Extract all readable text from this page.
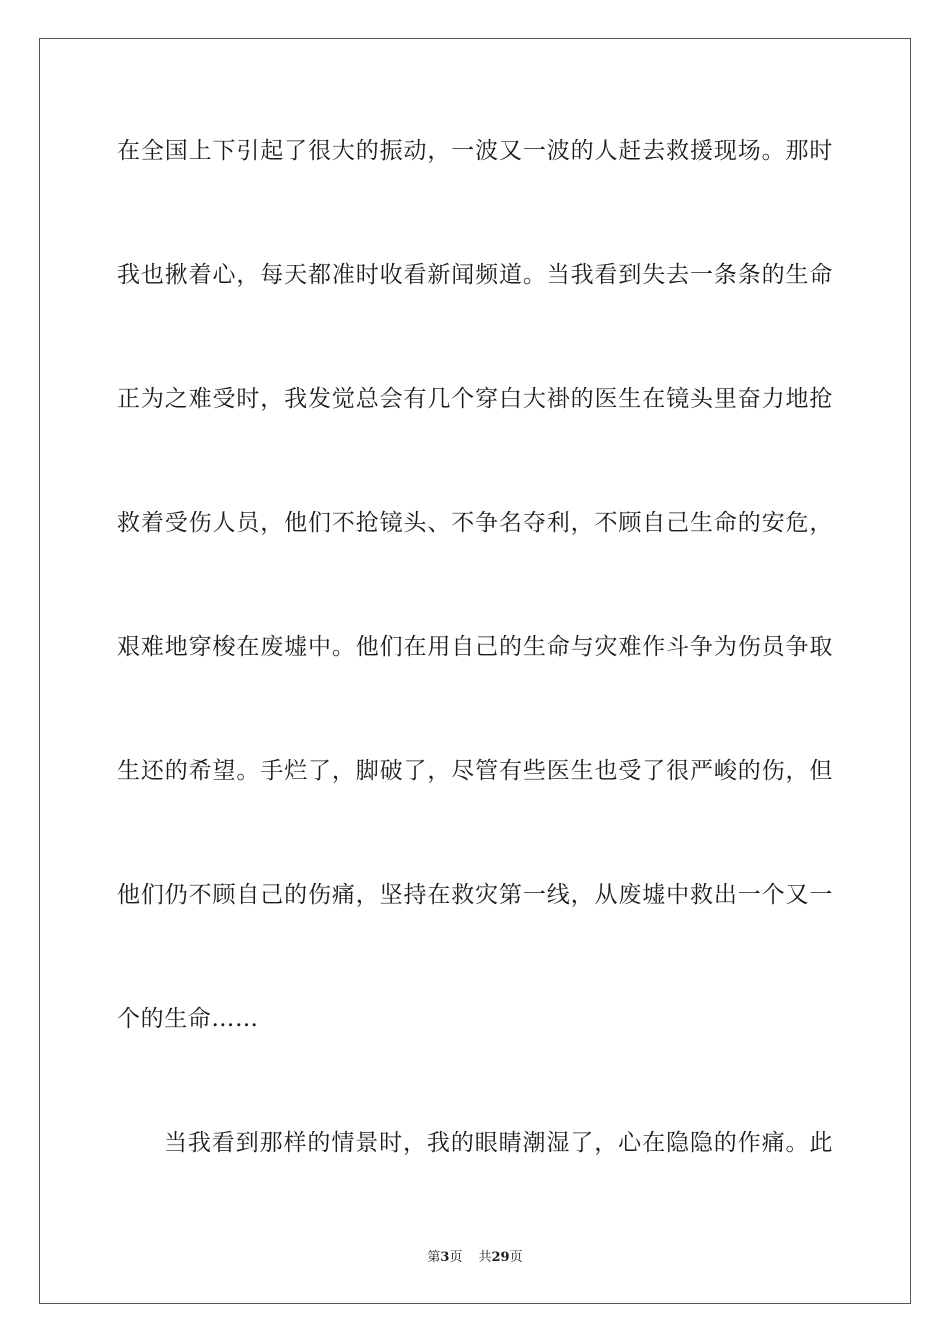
在全国上下引起了很大的振动，一波又一波的人赶去救援现场。那时
我也揪着心，每天都准时收看新闻频道。当我看到失去一条条的生命
正为之难受时，我发觉总会有几个穿白大褂的医生在镜头里奋力地抢
救着受伤人员，他们不抢镜头、不争名夺利，不顾自己生命的安危，
艰难地穿梭在废墟中。他们在用自己的生命与灾难作斗争为伤员争取
生还的希望。手烂了，脚破了，尽管有些医生也受了很严峻的伤，但
他们仍不顾自己的伤痛，坚持在救灾第一线，从废墟中救出一个又一
个的生命……
当我看到那样的情景时，我的眼睛潮湿了，心在隐隐的作痛。此
第3页 共29页
